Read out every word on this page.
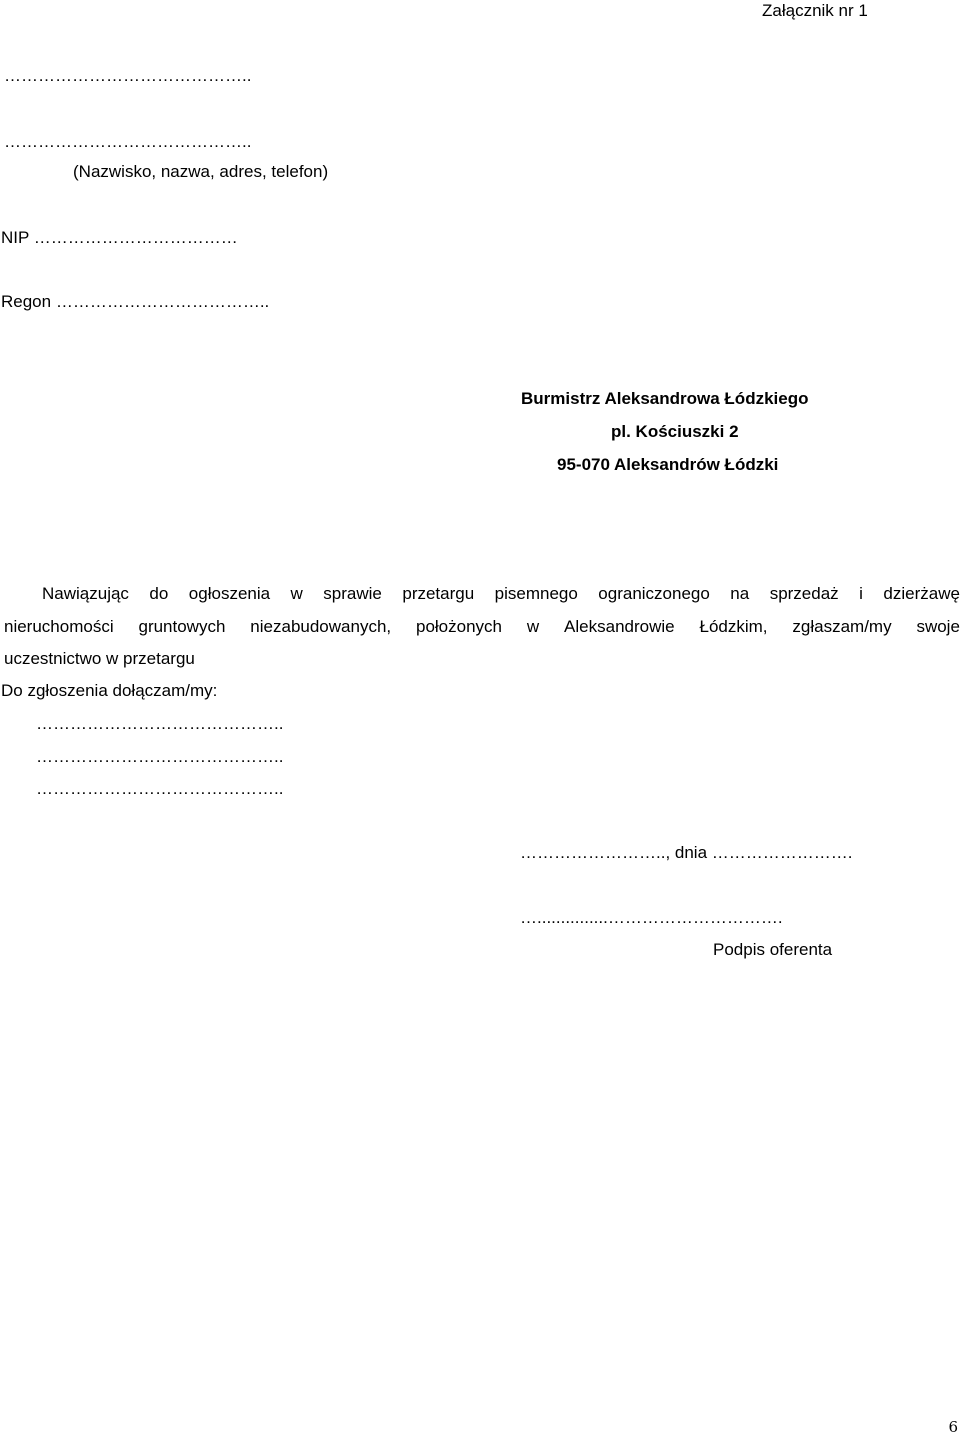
Załącznik nr 1
……………………………………..
……………………………………..
(Nazwisko, nazwa, adres, telefon)
NIP ………………………………
Regon ………………………………..
Burmistrz Aleksandrowa Łódzkiego
pl. Kościuszki 2
95-070 Aleksandrów Łódzki
Nawiązując do ogłoszenia w sprawie przetargu pisemnego ograniczonego na sprzedaż i dzierżawę
nieruchomości gruntowych niezabudowanych, położonych w Aleksandrowie Łódzkim, zgłaszam/my swoje
uczestnictwo w przetargu
Do zgłoszenia dołączam/my:
……………………………………..
……………………………………..
……………………………………..
…………………….., dnia …………………….
…...............………………………….
Podpis oferenta
6
